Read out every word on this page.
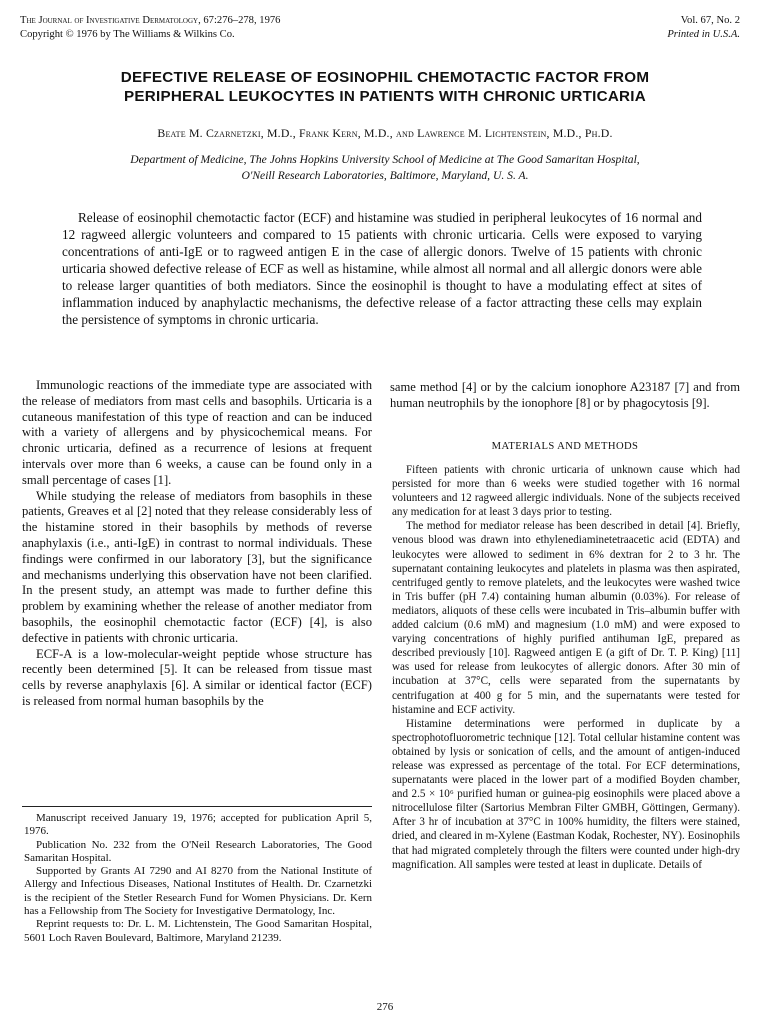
The Journal of Investigative Dermatology, 67:276–278, 1976
Copyright © 1976 by The Williams & Wilkins Co.
Vol. 67, No. 2
Printed in U.S.A.
DEFECTIVE RELEASE OF EOSINOPHIL CHEMOTACTIC FACTOR FROM
PERIPHERAL LEUKOCYTES IN PATIENTS WITH CHRONIC URTICARIA
Beate M. Czarnetzki, M.D., Frank Kern, M.D., and Lawrence M. Lichtenstein, M.D., Ph.D.
Department of Medicine, The Johns Hopkins University School of Medicine at The Good Samaritan Hospital,
O'Neill Research Laboratories, Baltimore, Maryland, U. S. A.
Release of eosinophil chemotactic factor (ECF) and histamine was studied in peripheral leukocytes of 16 normal and 12 ragweed allergic volunteers and compared to 15 patients with chronic urticaria. Cells were exposed to varying concentrations of anti-IgE or to ragweed antigen E in the case of allergic donors. Twelve of 15 patients with chronic urticaria showed defective release of ECF as well as histamine, while almost all normal and all allergic donors were able to release larger quantities of both mediators. Since the eosinophil is thought to have a modulating effect at sites of inflammation induced by anaphylactic mechanisms, the defective release of a factor attracting these cells may explain the persistence of symptoms in chronic urticaria.

Immunologic reactions of the immediate type are associated with the release of mediators from mast cells and basophils. Urticaria is a cutaneous manifestation of this type of reaction and can be induced with a variety of allergens and by physicochemical means. For chronic urticaria, defined as a recurrence of lesions at frequent intervals over more than 6 weeks, a cause can be found only in a small percentage of cases [1].

While studying the release of mediators from basophils in these patients, Greaves et al [2] noted that they release considerably less of the histamine stored in their basophils by methods of reverse anaphylaxis (i.e., anti-IgE) in contrast to normal individuals. These findings were confirmed in our laboratory [3], but the significance and mechanisms underlying this observation have not been clarified. In the present study, an attempt was made to further define this problem by examining whether the release of another mediator from basophils, the eosinophil chemotactic factor (ECF) [4], is also defective in patients with chronic urticaria.

ECF-A is a low-molecular-weight peptide whose structure has recently been determined [5]. It can be released from tissue mast cells by reverse anaphylaxis [6]. A similar or identical factor (ECF) is released from normal human basophils by the

Manuscript received January 19, 1976; accepted for publication April 5, 1976.

Publication No. 232 from the O'Neil Research Laboratories, The Good Samaritan Hospital.

Supported by Grants AI 7290 and AI 8270 from the National Institute of Allergy and Infectious Diseases, National Institutes of Health. Dr. Czarnetzki is the recipient of the Stetler Research Fund for Women Physicians. Dr. Kern has a Fellowship from The Society for Investigative Dermatology, Inc.

Reprint requests to: Dr. L. M. Lichtenstein, The Good Samaritan Hospital, 5601 Loch Raven Boulevard, Baltimore, Maryland 21239.

same method [4] or by the calcium ionophore A23187 [7] and from human neutrophils by the ionophore [8] or by phagocytosis [9].

MATERIALS AND METHODS

Fifteen patients with chronic urticaria of unknown cause which had persisted for more than 6 weeks were studied together with 16 normal volunteers and 12 ragweed allergic individuals. None of the subjects received any medication for at least 3 days prior to testing.

The method for mediator release has been described in detail [4]. Briefly, venous blood was drawn into ethylenediaminetetraacetic acid (EDTA) and leukocytes were allowed to sediment in 6% dextran for 2 to 3 hr. The supernatant containing leukocytes and platelets in plasma was then aspirated, centrifuged gently to remove platelets, and the leukocytes were washed twice in Tris buffer (pH 7.4) containing human albumin (0.03%). For release of mediators, aliquots of these cells were incubated in Tris–albumin buffer with added calcium (0.6 mM) and magnesium (1.0 mM) and were exposed to varying concentrations of highly purified antihuman IgE, prepared as described previously [10]. Ragweed antigen E (a gift of Dr. T. P. King) [11] was used for release from leukocytes of allergic donors. After 30 min of incubation at 37°C, cells were separated from the supernatants by centrifugation at 400 g for 5 min, and the supernatants were tested for histamine and ECF activity.

Histamine determinations were performed in duplicate by a spectrophotofluorometric technique [12]. Total cellular histamine content was obtained by lysis or sonication of cells, and the amount of antigen-induced release was expressed as percentage of the total. For ECF determinations, supernatants were placed in the lower part of a modified Boyden chamber, and 2.5 × 10⁶ purified human or guinea-pig eosinophils were placed above a nitrocellulose filter (Sartorius Membran Filter GMBH, Göttingen, Germany). After 3 hr of incubation at 37°C in 100% humidity, the filters were stained, dried, and cleared in m-Xylene (Eastman Kodak, Rochester, NY). Eosinophils that had migrated completely through the filters were counted under high-dry magnification. All samples were tested at least in duplicate. Details of

276
